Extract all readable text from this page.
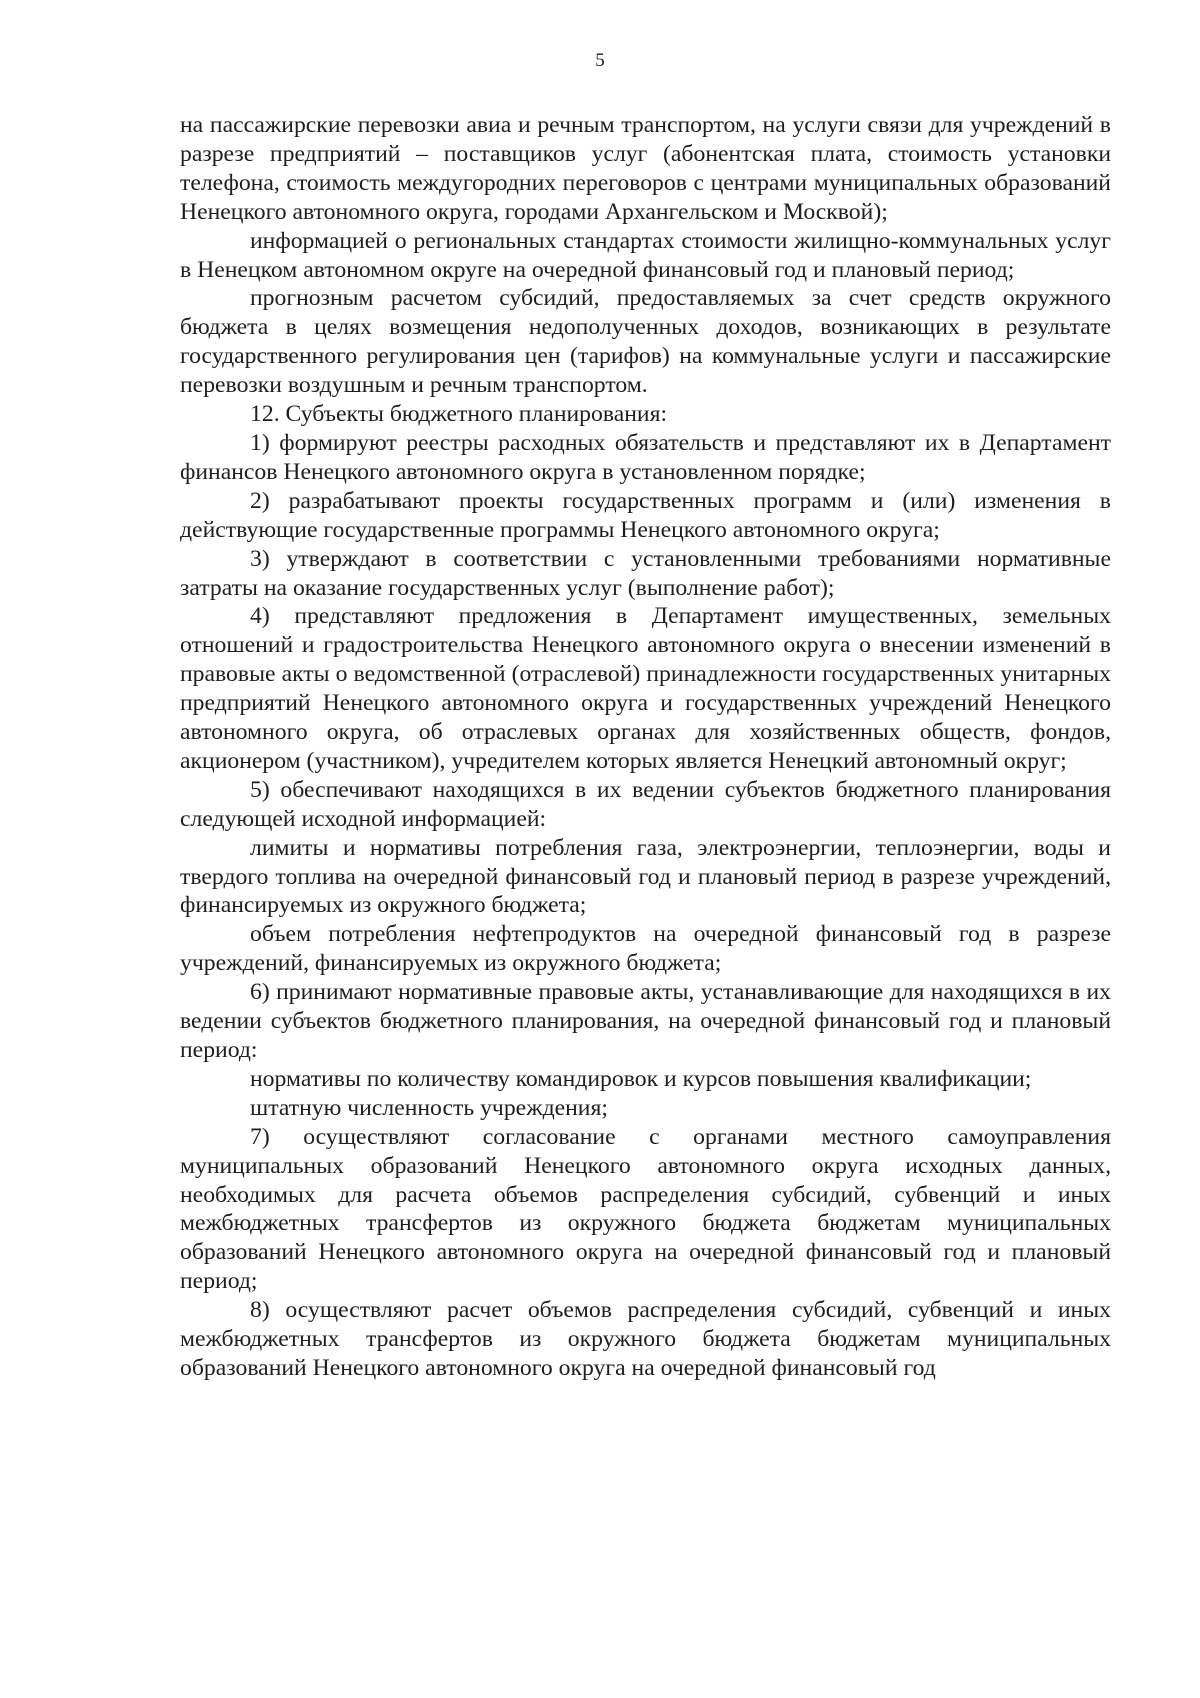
5

на пассажирские перевозки авиа и речным транспортом, на услуги связи для учреждений в разрезе предприятий – поставщиков услуг (абонентская плата, стоимость установки телефона, стоимость междугородних переговоров с центрами муниципальных образований Ненецкого автономного округа, городами Архангельском и Москвой);

информацией о региональных стандартах стоимости жилищно-коммунальных услуг в Ненецком автономном округе на очередной финансовый год и плановый период;

прогнозным расчетом субсидий, предоставляемых за счет средств окружного бюджета в целях возмещения недополученных доходов, возникающих в результате государственного регулирования цен (тарифов) на коммунальные услуги и пассажирские перевозки воздушным и речным транспортом.

12. Субъекты бюджетного планирования:

1) формируют реестры расходных обязательств и представляют их в Департамент финансов Ненецкого автономного округа в установленном порядке;

2) разрабатывают проекты государственных программ и (или) изменения в действующие государственные программы Ненецкого автономного округа;

3) утверждают в соответствии с установленными требованиями нормативные затраты на оказание государственных услуг (выполнение работ);

4) представляют предложения в Департамент имущественных, земельных отношений и градостроительства Ненецкого автономного округа о внесении изменений в правовые акты о ведомственной (отраслевой) принадлежности государственных унитарных предприятий Ненецкого автономного округа и государственных учреждений Ненецкого автономного округа, об отраслевых органах для хозяйственных обществ, фондов, акционером (участником), учредителем которых является Ненецкий автономный округ;

5) обеспечивают находящихся в их ведении субъектов бюджетного планирования следующей исходной информацией:

лимиты и нормативы потребления газа, электроэнергии, теплоэнергии, воды и твердого топлива на очередной финансовый год и плановый период в разрезе учреждений, финансируемых из окружного бюджета;

объем потребления нефтепродуктов на очередной финансовый год в разрезе учреждений, финансируемых из окружного бюджета;

6) принимают нормативные правовые акты, устанавливающие для находящихся в их ведении субъектов бюджетного планирования, на очередной финансовый год и плановый период:

нормативы по количеству командировок и курсов повышения квалификации;

штатную численность учреждения;

7) осуществляют согласование с органами местного самоуправления муниципальных образований Ненецкого автономного округа исходных данных, необходимых для расчета объемов распределения субсидий, субвенций и иных межбюджетных трансфертов из окружного бюджета бюджетам муниципальных образований Ненецкого автономного округа на очередной финансовый год и плановый период;

8) осуществляют расчет объемов распределения субсидий, субвенций и иных межбюджетных трансфертов из окружного бюджета бюджетам муниципальных образований Ненецкого автономного округа на очередной финансовый год
